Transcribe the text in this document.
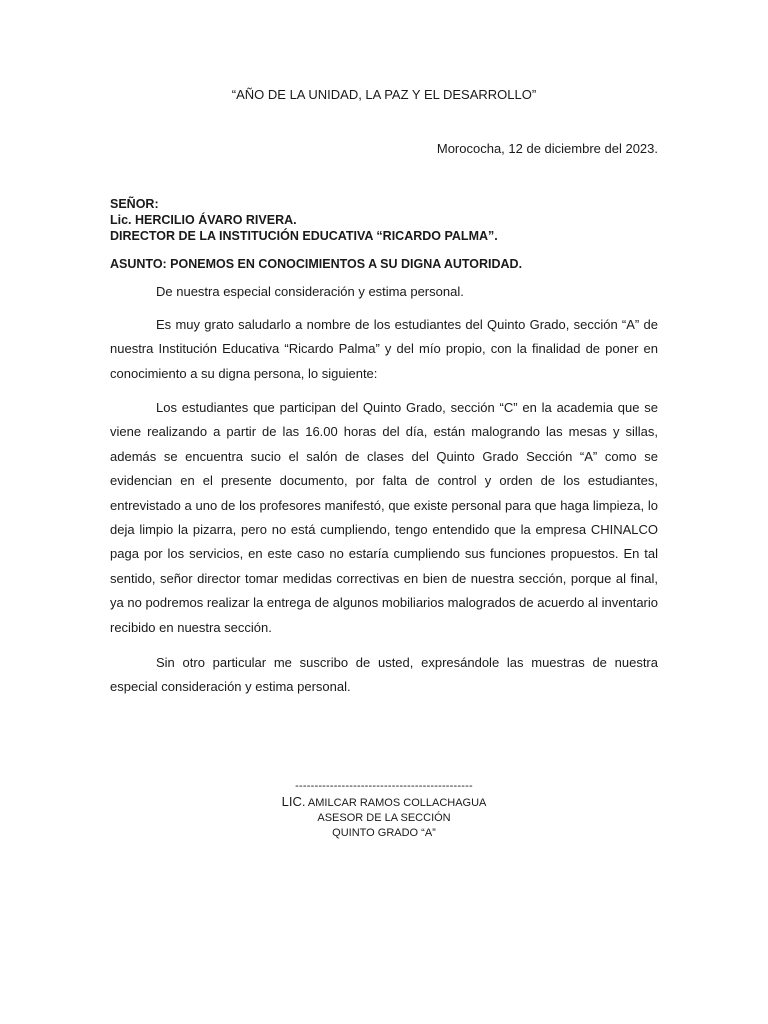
“AÑO DE LA UNIDAD, LA PAZ Y EL DESARROLLO”
Morococha, 12 de diciembre del 2023.
SEÑOR:
Lic. HERCILIO ÁVARO RIVERA.
DIRECTOR DE LA INSTITUCIÓN EDUCATIVA “RICARDO PALMA”.
ASUNTO: PONEMOS EN CONOCIMIENTOS A SU DIGNA AUTORIDAD.

De nuestra especial consideración y estima personal.

Es muy grato saludarlo a nombre de los estudiantes del Quinto Grado, sección “A” de nuestra Institución Educativa “Ricardo Palma” y del mío propio, con la finalidad de poner en conocimiento a su digna persona, lo siguiente:

Los estudiantes que participan del Quinto Grado, sección “C” en la academia que se viene realizando a partir de las 16.00 horas del día, están malogrando las mesas y sillas, además se encuentra sucio el salón de clases del Quinto Grado Sección “A” como se evidencian en el presente documento, por falta de control y orden de los estudiantes, entrevistado a uno de los profesores manifestó, que existe personal para que haga limpieza, lo deja limpio la pizarra, pero no está cumpliendo, tengo entendido que la empresa CHINALCO paga por los servicios, en este caso no estaría cumpliendo sus funciones propuestos. En tal sentido, señor director tomar medidas correctivas en bien de nuestra sección, porque al final, ya no podremos realizar la entrega de algunos mobiliarios malogrados de acuerdo al inventario recibido en nuestra sección.

Sin otro particular me suscribo de usted, expresándole las muestras de nuestra especial consideración y estima personal.

----------------------------------------------
LIC. AMILCAR RAMOS COLLACHAGUA
ASESOR DE LA SECCIÓN
QUINTO GRADO “A”
